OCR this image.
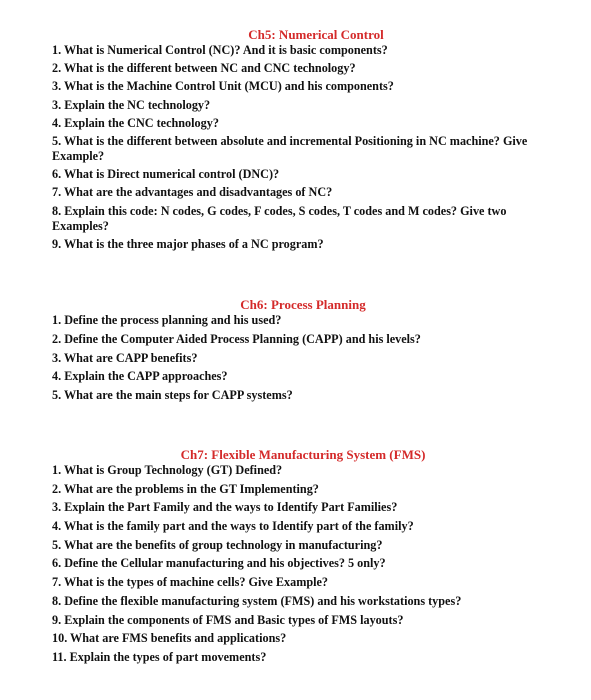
Ch5: Numerical Control
1. What is Numerical Control (NC)? And it is basic components?
2. What is the different between NC and CNC technology?
3. What is the Machine Control Unit (MCU) and his components?
3. Explain the NC technology?
4. Explain the CNC technology?
5. What is the different between absolute and incremental Positioning in NC machine? Give Example?
6. What is Direct numerical control (DNC)?
7. What are the advantages and disadvantages of NC?
8. Explain this code: N codes, G codes, F codes, S codes, T codes and M codes? Give two Examples?
9. What is the three major phases of a NC program?
Ch6: Process Planning
1. Define the process planning and his used?
2. Define the Computer Aided Process Planning (CAPP) and his levels?
3. What are CAPP benefits?
4. Explain the CAPP approaches?
5. What are the main steps for CAPP systems?
Ch7: Flexible Manufacturing System (FMS)
1. What is Group Technology (GT) Defined?
2. What are the problems in the GT Implementing?
3. Explain the Part Family and the ways to Identify Part Families?
4. What is the family part and the ways to Identify part of the family?
5. What are the benefits of group technology in manufacturing?
6. Define the Cellular manufacturing and his objectives? 5 only?
7. What is the types of machine cells? Give Example?
8. Define the flexible manufacturing system (FMS) and his workstations types?
9. Explain the components of FMS and Basic types of FMS layouts?
10. What are FMS benefits and applications?
11. Explain the types of part movements?
